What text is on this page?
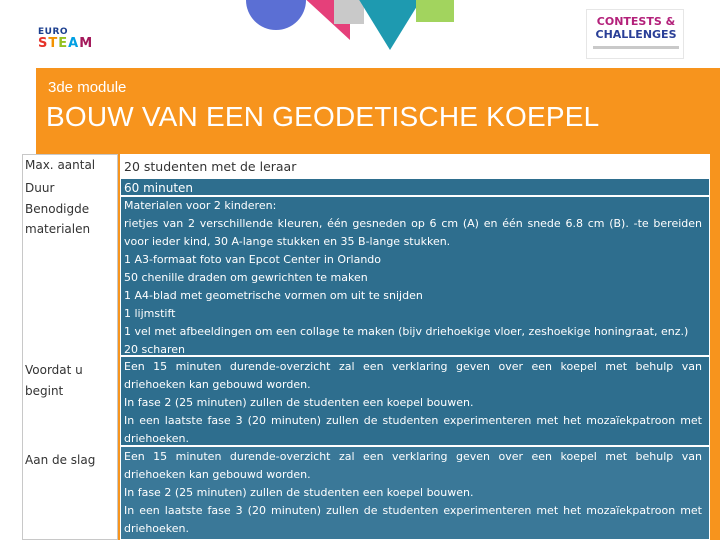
EURO
STEAM
CONTESTS &
CHALLENGES
3de module
BOUW VAN EEN GEODETISCHE KOEPEL
Max. aantal
Duur
Benodigde
materialen
Voordat u
begint
Aan de slag
20 studenten met de leraar
60 minuten
Materialen voor 2 kinderen:
rietjes van 2 verschillende kleuren, één gesneden op 6 cm (A) en één snede 6.8 cm (B). -te bereiden voor ieder kind, 30 A-lange stukken en 35 B-lange stukken.
1 A3-formaat foto van Epcot Center in Orlando
50 chenille draden om gewrichten te maken
1 A4-blad met geometrische vormen om uit te snijden
1 lijmstift
1 vel met afbeeldingen om een collage te maken (bijv driehoekige vloer, zeshoekige honingraat, enz.)
20 scharen
Een 15 minuten durende-overzicht zal een verklaring geven over een koepel met behulp van driehoeken kan gebouwd worden.
In fase 2 (25 minuten) zullen de studenten een koepel bouwen.
In een laatste fase 3 (20 minuten) zullen de studenten experimenteren met het mozaïekpatroon met driehoeken.
Een 15 minuten durende-overzicht zal een verklaring geven over een koepel met behulp van driehoeken kan gebouwd worden.
In fase 2 (25 minuten) zullen de studenten een koepel bouwen.
In een laatste fase 3 (20 minuten) zullen de studenten experimenteren met het mozaïekpatroon met driehoeken.
